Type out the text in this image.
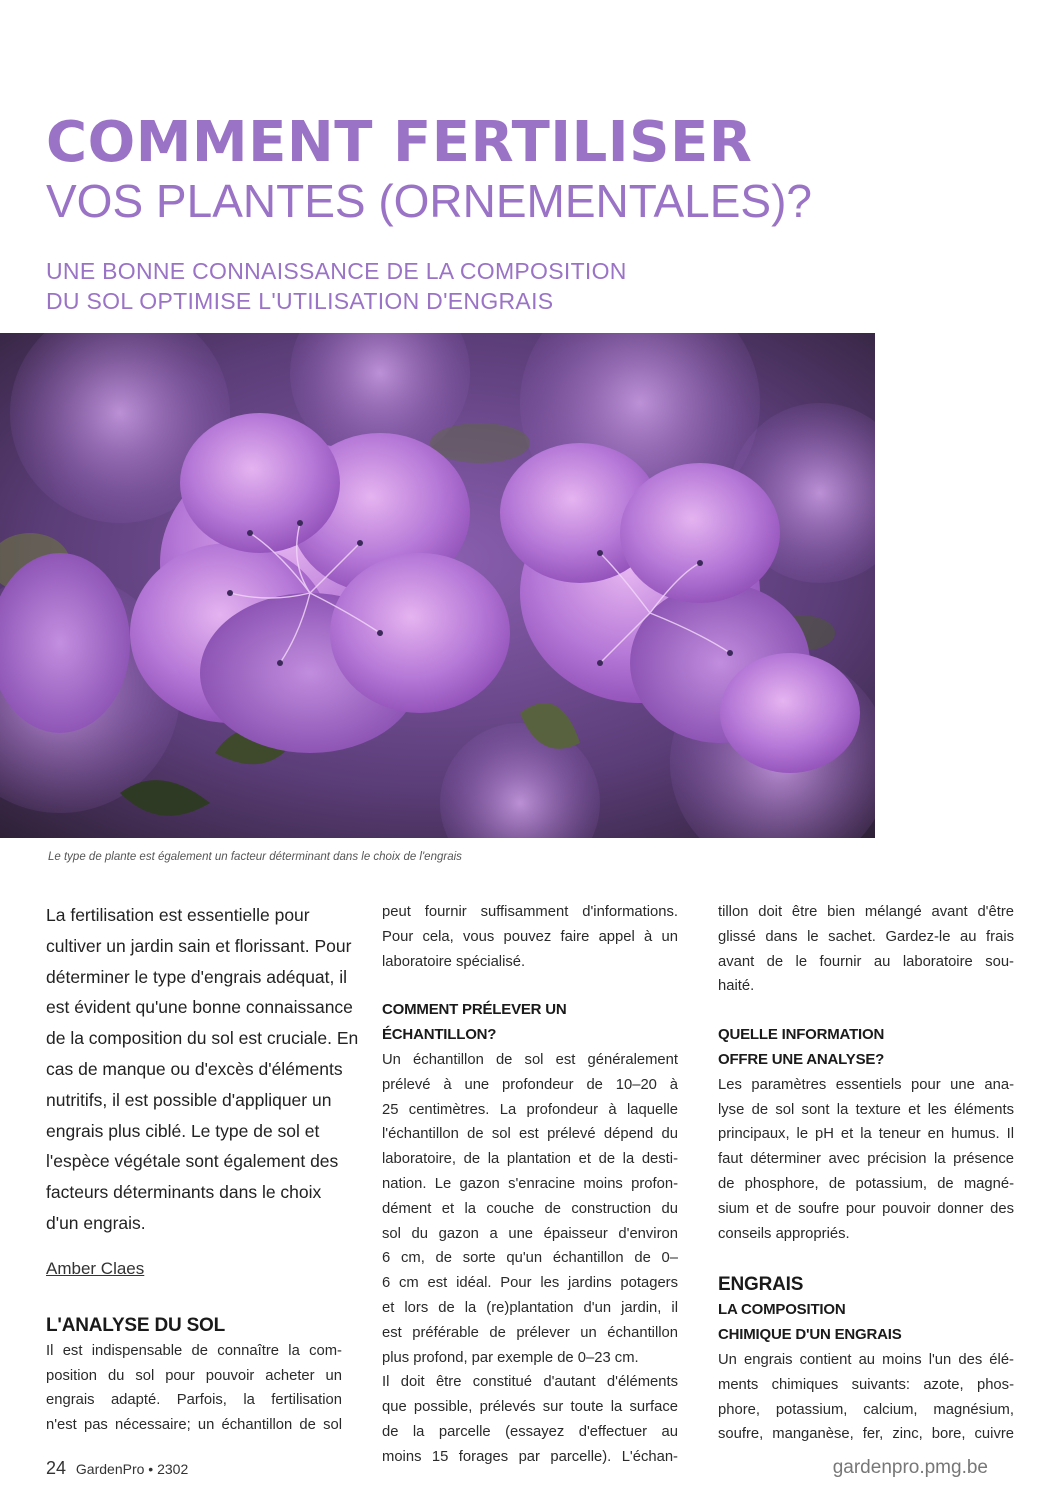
COMMENT FERTILISER
VOS PLANTES (ORNEMENTALES)?
UNE BONNE CONNAISSANCE DE LA COMPOSITION
DU SOL OPTIMISE L'UTILISATION D'ENGRAIS
Le type de plante est également un facteur déterminant dans le choix de l'engrais
La fertilisation est essentielle pour
cultiver un jardin sain et florissant. Pour
déterminer le type d'engrais adéquat, il
est évident qu'une bonne connaissance
de la composition du sol est cruciale. En
cas de manque ou d'excès d'éléments
nutritifs, il est possible d'appliquer un
engrais plus ciblé. Le type de sol et
l'espèce végétale sont également des
facteurs déterminants dans le choix
d'un engrais.
Amber Claes
L'ANALYSE DU SOL
Il est indispensable de connaître la com-
position du sol pour pouvoir acheter un
engrais adapté. Parfois, la fertilisation
n'est pas nécessaire; un échantillon de sol
peut fournir suffisamment d'informations.
Pour cela, vous pouvez faire appel à un
laboratoire spécialisé.
COMMENT PRÉLEVER UN ÉCHANTILLON?
Un échantillon de sol est généralement
prélevé à une profondeur de 10–20 à
25 centimètres. La profondeur à laquelle
l'échantillon de sol est prélevé dépend du
laboratoire, de la plantation et de la desti-
nation. Le gazon s'enracine moins profon-
dément et la couche de construction du
sol du gazon a une épaisseur d'environ
6 cm, de sorte qu'un échantillon de 0–
6 cm est idéal. Pour les jardins potagers
et lors de la (re)plantation d'un jardin, il
est préférable de prélever un échantillon
plus profond, par exemple de 0–23 cm.
Il doit être constitué d'autant d'éléments
que possible, prélevés sur toute la surface
de la parcelle (essayez d'effectuer au
moins 15 forages par parcelle). L'échan-
tillon doit être bien mélangé avant d'être
glissé dans le sachet. Gardez-le au frais
avant de le fournir au laboratoire sou-
haité.
QUELLE INFORMATION
OFFRE UNE ANALYSE?
Les paramètres essentiels pour une ana-
lyse de sol sont la texture et les éléments
principaux, le pH et la teneur en humus. Il
faut déterminer avec précision la présence
de phosphore, de potassium, de magné-
sium et de soufre pour pouvoir donner des
conseils appropriés.
ENGRAIS
LA COMPOSITION
CHIMIQUE D'UN ENGRAIS
Un engrais contient au moins l'un des élé-
ments chimiques suivants: azote, phos-
phore, potassium, calcium, magnésium,
soufre, manganèse, fer, zinc, bore, cuivre
24 GardenPro • 2302	gardenpro.pmg.be
